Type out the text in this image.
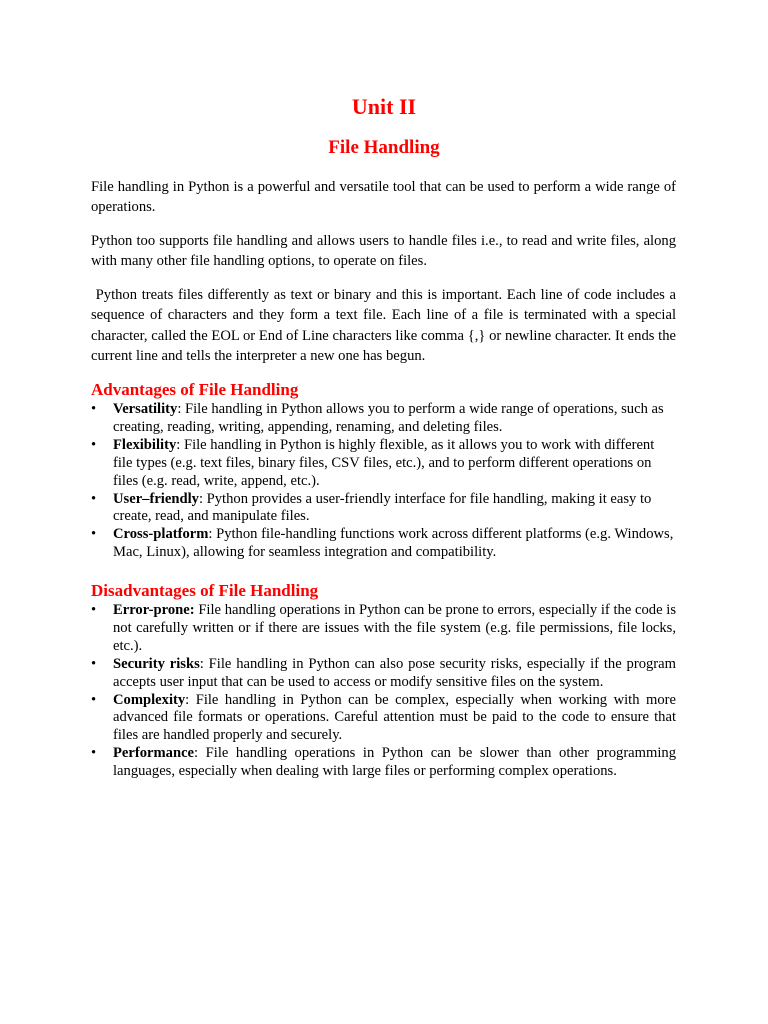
Unit II
File Handling

File handling in Python is a powerful and versatile tool that can be used to perform a wide range of operations.

Python too supports file handling and allows users to handle files i.e., to read and write files, along with many other file handling options, to operate on files.

Python treats files differently as text or binary and this is important. Each line of code includes a sequence of characters and they form a text file. Each line of a file is terminated with a special character, called the EOL or End of Line characters like comma {,} or newline character. It ends the current line and tells the interpreter a new one has begun.

Advantages of File Handling
•	Versatility: File handling in Python allows you to perform a wide range of operations, such as creating, reading, writing, appending, renaming, and deleting files.
•	Flexibility: File handling in Python is highly flexible, as it allows you to work with different file types (e.g. text files, binary files, CSV files, etc.), and to perform different operations on files (e.g. read, write, append, etc.).
•	User–friendly: Python provides a user-friendly interface for file handling, making it easy to create, read, and manipulate files.
•	Cross-platform: Python file-handling functions work across different platforms (e.g. Windows, Mac, Linux), allowing for seamless integration and compatibility.
Disadvantages of File Handling
•	Error-prone: File handling operations in Python can be prone to errors, especially if the code is not carefully written or if there are issues with the file system (e.g. file permissions, file locks, etc.).
•	Security risks: File handling in Python can also pose security risks, especially if the program accepts user input that can be used to access or modify sensitive files on the system.
•	Complexity: File handling in Python can be complex, especially when working with more advanced file formats or operations. Careful attention must be paid to the code to ensure that files are handled properly and securely.
•	Performance: File handling operations in Python can be slower than other programming languages, especially when dealing with large files or performing complex operations.
